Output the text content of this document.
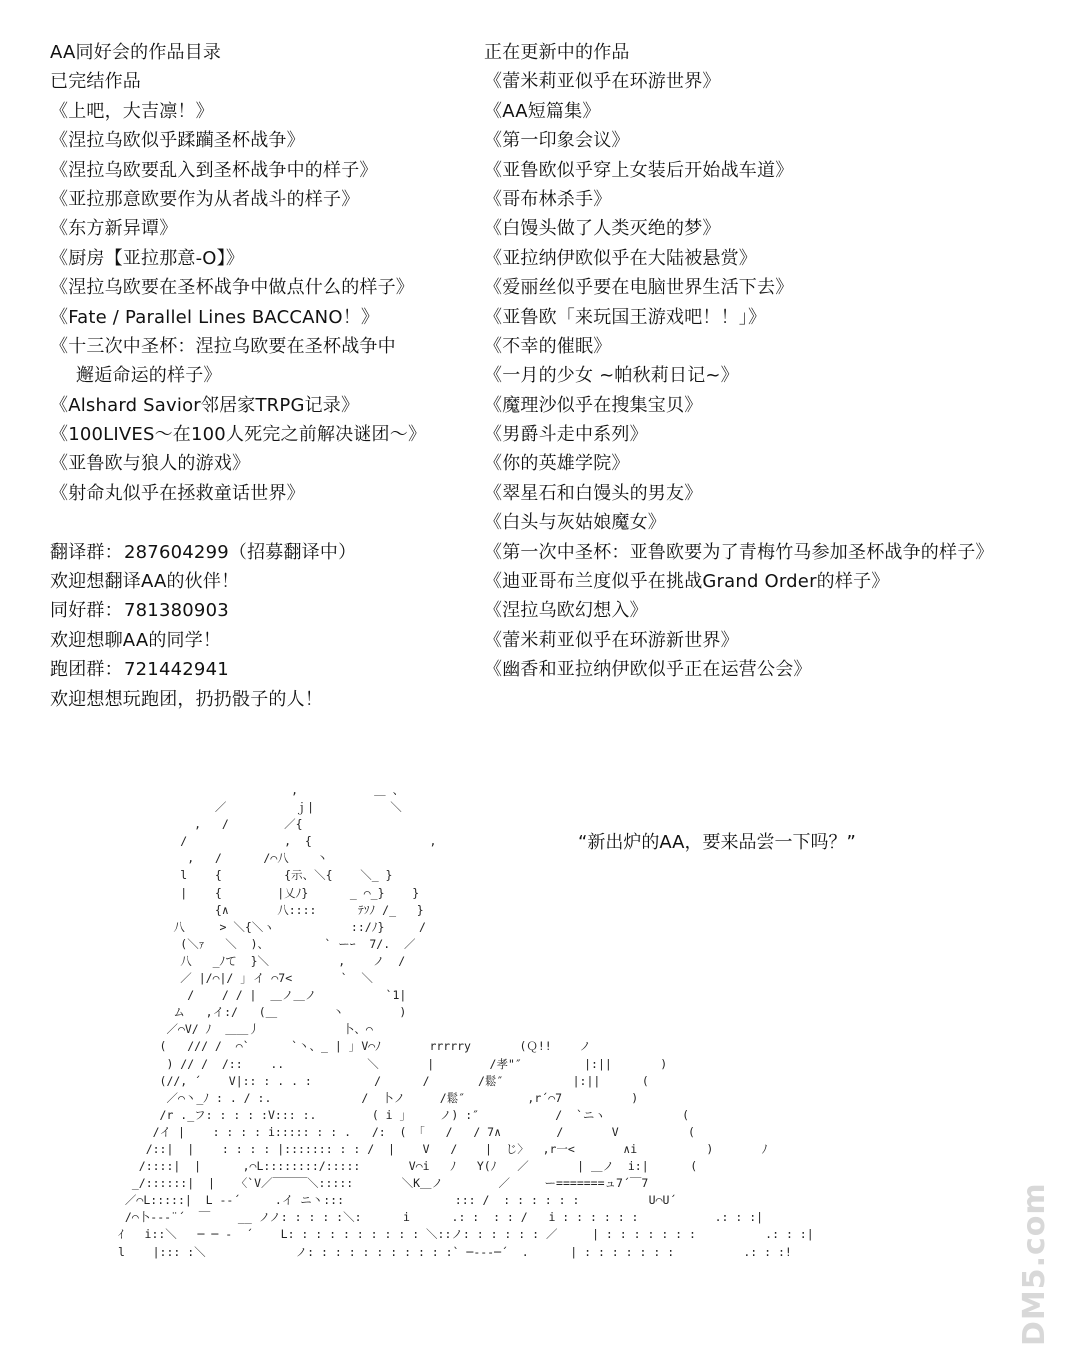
AA同好会的作品目录
已完结作品
《上吧，大吉凛！》
《涅拉乌欧似乎蹂躏圣杯战争》
《涅拉乌欧要乱入到圣杯战争中的样子》
《亚拉那意欧要作为从者战斗的样子》
《东方新异谭》
《厨房【亚拉那意-O】》
《涅拉乌欧要在圣杯战争中做点什么的样子》
《Fate / Parallel Lines BACCANO！》
《十三次中圣杯：涅拉乌欧要在圣杯战争中
邂逅命运的样子》
《Alshard Savior邻居家TRPG记录》
《100LIVES～在100人死完之前解决谜团～》
《亚鲁欧与狼人的游戏》
《射命丸似乎在拯救童话世界》
翻译群： 287604299（招募翻译中）
欢迎想翻译AA的伙伴！
同好群： 781380903
欢迎想聊AA的同学！
跑团群： 721442941
欢迎想想玩跑团，扔扔骰子的人！
正在更新中的作品
《蕾米莉亚似乎在环游世界》
《AA短篇集》
《第一印象会议》
《亚鲁欧似乎穿上女装后开始战车道》
《哥布林杀手》
《白馒头做了人类灭绝的梦》
《亚拉纳伊欧似乎在大陆被悬赏》
《爱丽丝似乎要在电脑世界生活下去》
《亚鲁欧「来玩国王游戏吧！！」》
《不幸的催眠》
《一月的少女 ~帕秋莉日记~》
《魔理沙似乎在搜集宝贝》
《男爵斗走中系列》
《你的英雄学院》
《翠星石和白馒头的男友》
《白头与灰姑娘魔女》
《第一次中圣杯：亚鲁欧要为了青梅竹马参加圣杯战争的样子》
《迪亚哥布兰度似乎在挑战Grand Order的样子》
《涅拉乌欧幻想入》
《蕾米莉亚似乎在环游新世界》
《幽香和亚拉纳伊欧似乎正在运营公会》
“新出炉的AA，要来品尝一下吗？”
,           ＿ 、
／          ｊ|           ＼
,   /        ／{
/              ,  {                 ,
,   /      /⌒八    丶
l    {         {示、＼{    ＼_ }
|    {        |乂ﾉ}      _ ⌒_}    }
{∧       八::::      ﾃｿﾉ /_   }
八     > ＼{＼ヽ           ::/ﾉ}     /
(＼ｧ   ＼  )、        ` ーｰ  7/.  ／
八   _ﾉて  }＼          ,    ノ  /
／ |/⌒|/ ｣ イ ⌒7<       `  ＼
/    / / |  ＿ノ＿ノ          `1|
ム   ,イ:/   (＿        丶        )
／⌒V/ ﾉ  ＿＿丿            卜、⌒
(   /// /  ⌒`      `丶、_ | ｣ V⌒ﾉ       rrrrry       (Ｑ!!    ノ
) // /  /::    ..            ＼       |        /孝"″         |:||       )
(//, ´    V|:: : . . :         /      /       /鬆″          |:||      (
／⌒丶_ﾉ : . / :.             /  卜ノ     /鬆″         ,r´⌒7          )
/r ._フ: : : : :V::: :.        ( i ｣     ノ) :″           /  `ニヽ           (
/イ |    : : : : i::::: : : .   /:  ( 「   /   / 7∧        /       V          (
/::|  |    : : : : |::::::: : : /  |    V   /    |  じ〉  ,r一<       ∧i          )       ﾉ
/::::|  |      ,⌒L::::::::/:::::       V⌒i   ﾉ   Y(ﾉ   ／       | ＿ノ  i:|      (
_/::::::|  |   〈`V／￣￣￣＼:::::       ＼K＿ノ        ／     ー=======ュ7´￣7
／⌒L:::::|  L -‐´     .イ ニ丶:::                ::: /  : : : : : :          U⌒U´
/⌒卜--‐¨´  ￣    __ ノノ: : : : :＼:      i      .: :  : : /   i : : : : : :           .: : :|
ｲ   i::＼   ─ ─ -  ´    L: : : : : : : : : : ＼::ノ: : : : : : ／     | : : : : : : :          .: : :|
l    |::: :＼             ノ: : : : : : : : : : :` ─‐‐‐─´  .      | : : : : : : :          .: : :!	DM5.com
